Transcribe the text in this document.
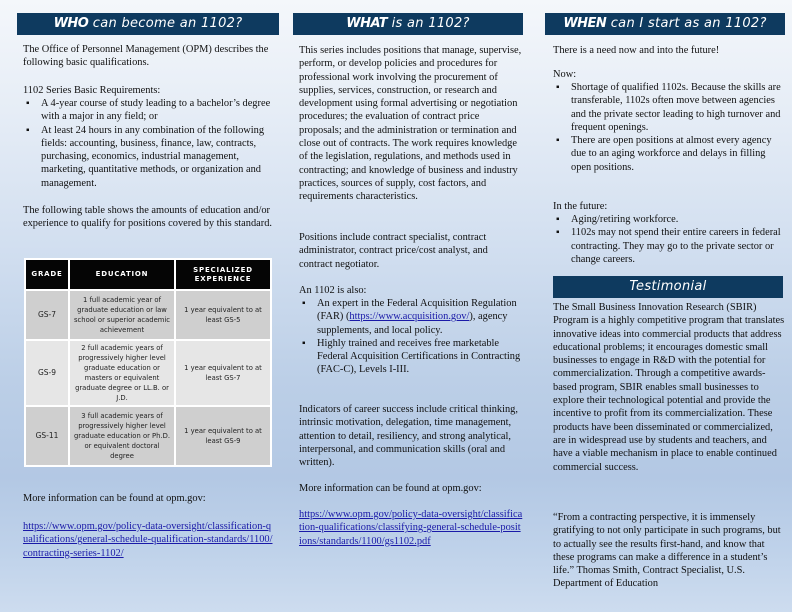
WHO can become an 1102?

The Office of Personnel Management (OPM) describes the following basic qualifications.

1102 Series Basic Requirements:

▪ A 4-year course of study leading to a bachelor’s degree with a major in any field; or
▪ At least 24 hours in any combination of the following fields: accounting, business, finance, law, contracts, purchasing, economics, industrial management, marketing, quantitative methods, or organization and management.

The following table shows the amounts of education and/or experience to qualify for positions covered by this standard.

GRADE	EDUCATION	SPECIALIZED EXPERIENCE
GS-7	1 full academic year of graduate education or law school or superior academic achievement	1 year equivalent to at least GS-5
GS-9	2 full academic years of progressively higher level graduate education or masters or equivalent graduate degree or LL.B. or J.D.	1 year equivalent to at least GS-7
GS-11	3 full academic years of progressively higher level graduate education or Ph.D. or equivalent doctoral degree	1 year equivalent to at least GS-9

More information can be found at opm.gov:

https://www.opm.gov/policy-data-oversight/classification-qualifications/general-schedule-qualification-standards/1100/contracting-series-1102/
WHAT is an 1102?

This series includes positions that manage, supervise, perform, or develop policies and procedures for professional work involving the procurement of supplies, services, construction, or research and development using formal advertising or negotiation procedures; the evaluation of contract price proposals; and the administration or termination and close out of contracts. The work requires knowledge of the legislation, regulations, and methods used in contracting; and knowledge of business and industry practices, sources of supply, cost factors, and requirements characteristics.

Positions include contract specialist, contract administrator, contract price/cost analyst, and contract negotiator.

An 1102 is also:

▪ An expert in the Federal Acquisition Regulation (FAR) (https://www.acquisition.gov/), agency supplements, and local policy.
▪ Highly trained and receives free marketable Federal Acquisition Certifications in Contracting (FAC-C), Levels I-III.

Indicators of career success include critical thinking, intrinsic motivation, delegation, time management, attention to detail, resiliency, and strong analytical, interpersonal, and communication skills (oral and written).

More information can be found at opm.gov:

https://www.opm.gov/policy-data-oversight/classification-qualifications/classifying-general-schedule-positions/standards/1100/gs1102.pdf
WHEN can I start as an 1102?

There is a need now and into the future!

Now:

▪ Shortage of qualified 1102s. Because the skills are transferable, 1102s often move between agencies and the private sector leading to high turnover and frequent openings.
▪ There are open positions at almost every agency due to an aging workforce and delays in filling open positions.

In the future:

▪ Aging/retiring workforce.
▪ 1102s may not spend their entire careers in federal contracting. They may go to the private sector or change careers.
Testimonial

The Small Business Innovation Research (SBIR) Program is a highly competitive program that translates innovative ideas into commercial products that address educational problems; it encourages domestic small businesses to engage in R&D with the potential for commercialization. Through a competitive awards-based program, SBIR enables small businesses to explore their technological potential and provide the incentive to profit from its commercialization. These products have been disseminated or commercialized, are in widespread use by students and teachers, and have a viable mechanism in place to enable continued commercial success.

“From a contracting perspective, it is immensely gratifying to not only participate in such programs, but to actually see the results first-hand, and know that these programs can make a difference in a student’s life.” Thomas Smith, Contract Specialist, U.S. Department of Education
